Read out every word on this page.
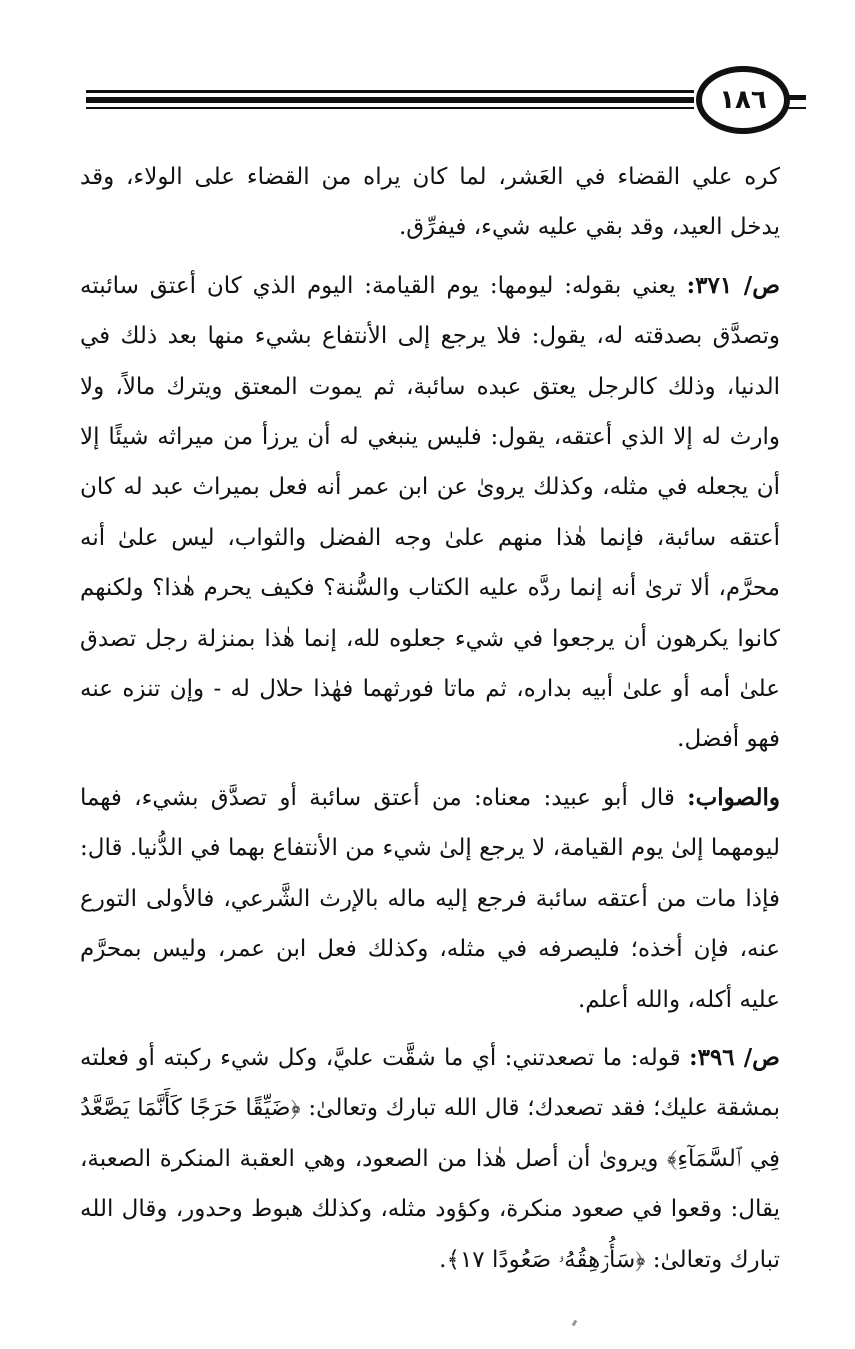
١٨٦

كره علي القضاء في العَشر، لما كان يراه من القضاء على الولاء، وقد يدخل العيد، وقد بقي عليه شيء، فيفرِّق.

ص/ ٣٧١: يعني بقوله: ليومها: يوم القيامة: اليوم الذي كان أعتق سائبته وتصدَّق بصدقته له، يقول: فلا يرجع إلى الأنتفاع بشيء منها بعد ذلك في الدنيا، وذلك كالرجل يعتق عبده سائبة، ثم يموت المعتق ويترك مالاً، ولا وارث له إلا الذي أعتقه، يقول: فليس ينبغي له أن يرزأ من ميراثه شيئًا إلا أن يجعله في مثله، وكذلك يروىٰ عن ابن عمر أنه فعل بميراث عبد له كان أعتقه سائبة، فإنما هٰذا منهم علىٰ وجه الفضل والثواب، ليس علىٰ أنه محرَّم، ألا ترىٰ أنه إنما ردَّه عليه الكتاب والسُّنة؟ فكيف يحرم هٰذا؟ ولكنهم كانوا يكرهون أن يرجعوا في شيء جعلوه لله، إنما هٰذا بمنزلة رجل تصدق علىٰ أمه أو علىٰ أبيه بداره، ثم ماتا فورثهما فهٰذا حلال له - وإن تنزه عنه فهو أفضل.

والصواب: قال أبو عبيد: معناه: من أعتق سائبة أو تصدَّق بشيء، فهما ليومهما إلىٰ يوم القيامة، لا يرجع إلىٰ شيء من الأنتفاع بهما في الدُّنيا. قال: فإذا مات من أعتقه سائبة فرجع إليه ماله بالإرث الشَّرعي، فالأولى التورع عنه، فإن أخذه؛ فليصرفه في مثله، وكذلك فعل ابن عمر، وليس بمحرَّم عليه أكله، والله أعلم.

ص/ ٣٩٦: قوله: ما تصعدتني: أي ما شقَّت عليَّ، وكل شيء ركبته أو فعلته بمشقة عليك؛ فقد تصعدك؛ قال الله تبارك وتعالىٰ: ﴿ضَيِّقًا حَرَجًا كَأَنَّمَا يَصَّعَّدُ فِي ٱلسَّمَآءِ﴾ ويروىٰ أن أصل هٰذا من الصعود، وهي العقبة المنكرة الصعبة، يقال: وقعوا في صعود منكرة، وكؤود مثله، وكذلك هبوط وحدور، وقال الله تبارك وتعالىٰ: ﴿سَأُرۡهِقُهُۥ صَعُودًا ١٧﴾.
